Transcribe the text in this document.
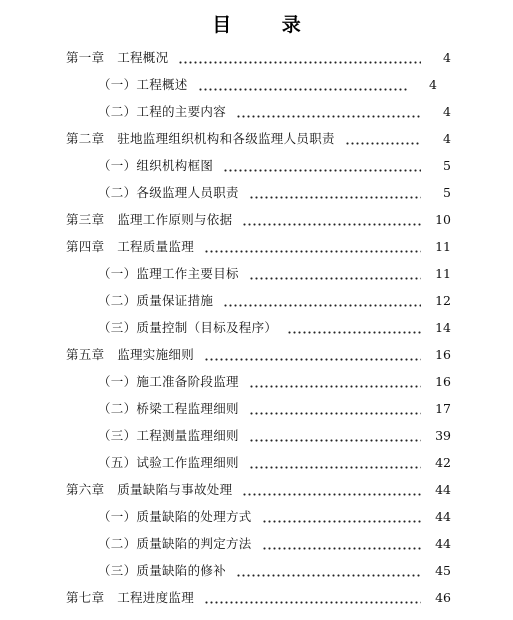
目 录
第一章　工程概况	4
（一）工程概述	4
（二）工程的主要内容	4
第二章　驻地监理组织机构和各级监理人员职责	4
（一）组织机构框图	5
（二）各级监理人员职责	5
第三章　监理工作原则与依据	10
第四章　工程质量监理	11
（一）监理工作主要目标	11
（二）质量保证措施	12
（三）质量控制（目标及程序）	14
第五章　监理实施细则	16
（一）施工准备阶段监理	16
（二）桥梁工程监理细则	17
（三）工程测量监理细则	39
（五）试验工作监理细则	42
第六章　质量缺陷与事故处理	44
（一）质量缺陷的处理方式	44
（二）质量缺陷的判定方法	44
（三）质量缺陷的修补	45
第七章　工程进度监理	46
